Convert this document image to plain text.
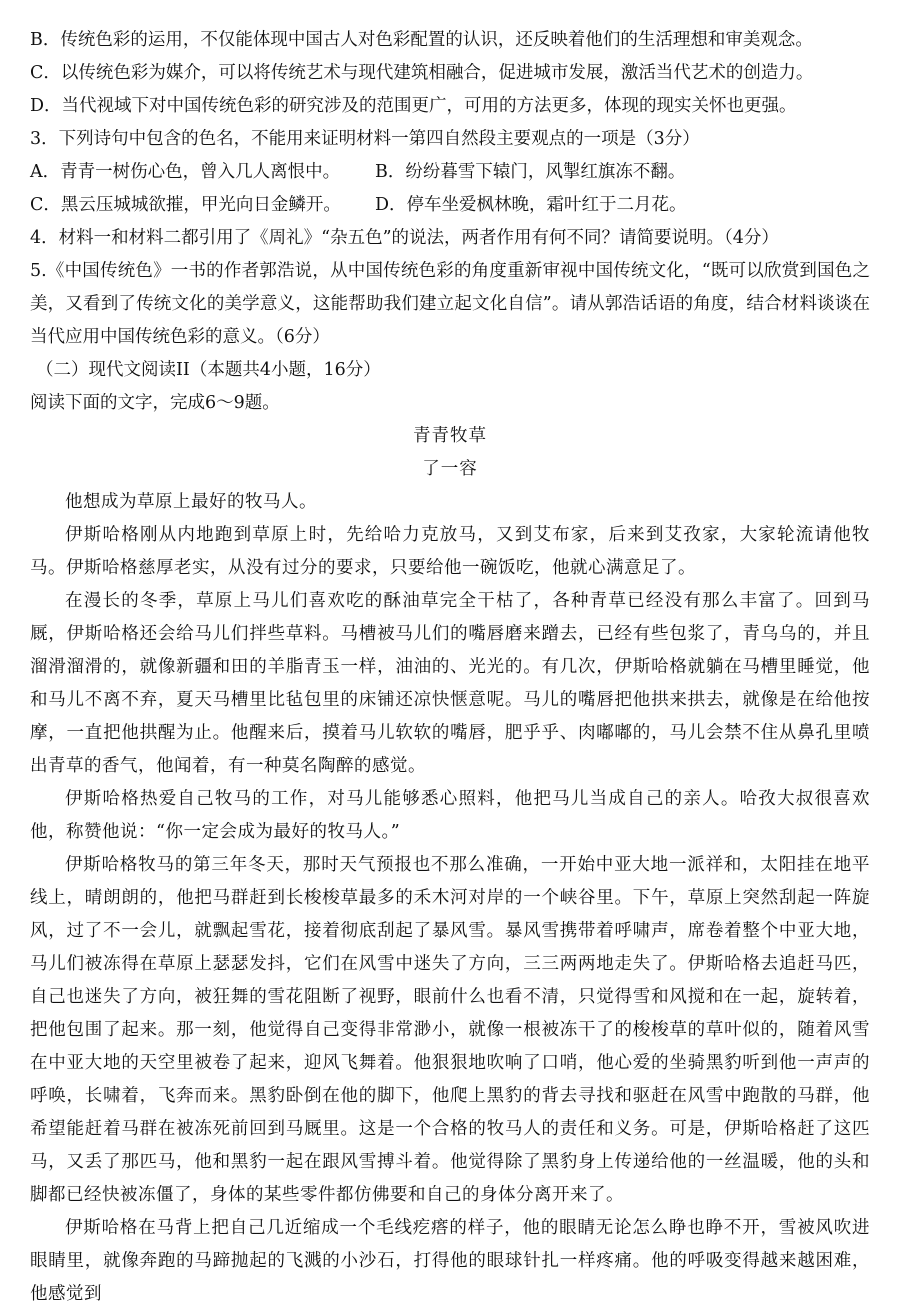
B．传统色彩的运用，不仅能体现中国古人对色彩配置的认识，还反映着他们的生活理想和审美观念。

C．以传统色彩为媒介，可以将传统艺术与现代建筑相融合，促进城市发展，激活当代艺术的创造力。

D．当代视域下对中国传统色彩的研究涉及的范围更广，可用的方法更多，体现的现实关怀也更强。

3．下列诗句中包含的色名，不能用来证明材料一第四自然段主要观点的一项是（3分）

A．青青一树伤心色，曾入几人离恨中。	B．纷纷暮雪下辕门，风掣红旗冻不翻。
C．黑云压城城欲摧，甲光向日金鳞开。	D．停车坐爱枫林晚，霜叶红于二月花。

4．材料一和材料二都引用了《周礼》“杂五色”的说法，两者作用有何不同？请简要说明。（4分）

5.《中国传统色》一书的作者郭浩说，从中国传统色彩的角度重新审视中国传统文化，“既可以欣赏到国色之美，又看到了传统文化的美学意义，这能帮助我们建立起文化自信”。请从郭浩话语的角度，结合材料谈谈在当代应用中国传统色彩的意义。（6分）

（二）现代文阅读II（本题共4小题，16分）

阅读下面的文字，完成6～9题。

青青牧草

了一容

他想成为草原上最好的牧马人。

伊斯哈格刚从内地跑到草原上时，先给哈力克放马，又到艾布家，后来到艾孜家，大家轮流请他牧马。伊斯哈格慈厚老实，从没有过分的要求，只要给他一碗饭吃，他就心满意足了。

在漫长的冬季，草原上马儿们喜欢吃的酥油草完全干枯了，各种青草已经没有那么丰富了。回到马厩，伊斯哈格还会给马儿们拌些草料。马槽被马儿们的嘴唇磨来蹭去，已经有些包浆了，青乌乌的，并且溜滑溜滑的，就像新疆和田的羊脂青玉一样，油油的、光光的。有几次，伊斯哈格就躺在马槽里睡觉，他和马儿不离不弃，夏天马槽里比毡包里的床铺还凉快惬意呢。马儿的嘴唇把他拱来拱去，就像是在给他按摩，一直把他拱醒为止。他醒来后，摸着马儿软软的嘴唇，肥乎乎、肉嘟嘟的，马儿会禁不住从鼻孔里喷出青草的香气，他闻着，有一种莫名陶醉的感觉。

伊斯哈格热爱自己牧马的工作，对马儿能够悉心照料，他把马儿当成自己的亲人。哈孜大叔很喜欢他，称赞他说：“你一定会成为最好的牧马人。”

伊斯哈格牧马的第三年冬天，那时天气预报也不那么准确，一开始中亚大地一派祥和，太阳挂在地平线上，晴朗朗的，他把马群赶到长梭梭草最多的禾木河对岸的一个峡谷里。下午，草原上突然刮起一阵旋风，过了不一会儿，就飘起雪花，接着彻底刮起了暴风雪。暴风雪携带着呼啸声，席卷着整个中亚大地，马儿们被冻得在草原上瑟瑟发抖，它们在风雪中迷失了方向，三三两两地走失了。伊斯哈格去追赶马匹，自己也迷失了方向，被狂舞的雪花阻断了视野，眼前什么也看不清，只觉得雪和风搅和在一起，旋转着，把他包围了起来。那一刻，他觉得自己变得非常渺小，就像一根被冻干了的梭梭草的草叶似的，随着风雪在中亚大地的天空里被卷了起来，迎风飞舞着。他狠狠地吹响了口哨，他心爱的坐骑黑豹听到他一声声的呼唤，长啸着，飞奔而来。黑豹卧倒在他的脚下，他爬上黑豹的背去寻找和驱赶在风雪中跑散的马群，他希望能赶着马群在被冻死前回到马厩里。这是一个合格的牧马人的责任和义务。可是，伊斯哈格赶了这匹马，又丢了那匹马，他和黑豹一起在跟风雪搏斗着。他觉得除了黑豹身上传递给他的一丝温暖，他的头和脚都已经快被冻僵了，身体的某些零件都仿佛要和自己的身体分离开来了。

伊斯哈格在马背上把自己几近缩成一个毛线疙瘩的样子，他的眼睛无论怎么睁也睁不开，雪被风吹进眼睛里，就像奔跑的马蹄抛起的飞溅的小沙石，打得他的眼球针扎一样疼痛。他的呼吸变得越来越困难，他感觉到
